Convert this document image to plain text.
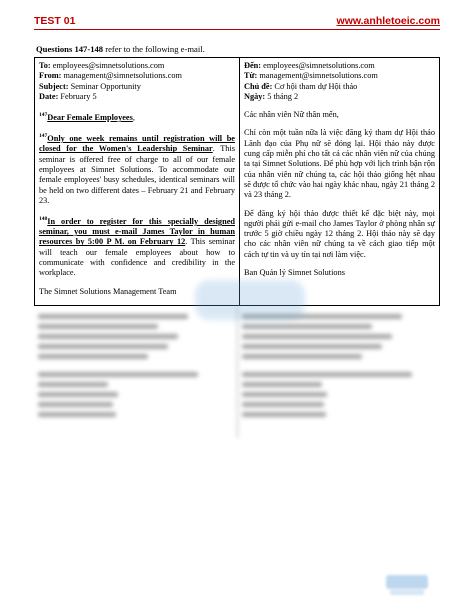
TEST 01	www.anhletoeic.com
Questions 147-148 refer to the following e-mail.

To: employees@simnetsolutions.com

From: management@simnetsolutions.com

Subject: Seminar Opportunity

Date: February 5

$^{147}$Dear Female Employees,

$^{147}$Only one week remains until registration will be closed for the Women's Leadership Seminar. This seminar is offered free of charge to all of our female employees at Simnet Solutions. To accommodate our female employees' busy schedules, identical seminars will be held on two different dates – February 21 and February 23.

$^{148}$In order to register for this specially designed seminar, you must e-mail James Taylor in human resources by 5:00 P M. on February 12. This seminar will teach our female employees about how to communicate with confidence and credibility in the workplace.

The Simnet Solutions Management Team

Đến: employees@simnetsolutions.com

Từ: management@simnetsolutions.com

Chủ đề: Cơ hội tham dự Hội thảo

Ngày: 5 tháng 2

Các nhân viên Nữ thân mến,

Chỉ còn một tuần nữa là việc đăng ký tham dự Hội thảo Lãnh đạo của Phụ nữ sẽ đóng lại. Hội thảo này được cung cấp miễn phí cho tất cả các nhân viên nữ của chúng ta tại Simnet Solutions. Để phù hợp với lịch trình bận rộn của nhân viên nữ chúng ta, các hội thảo giống hệt nhau sẽ được tổ chức vào hai ngày khác nhau, ngày 21 tháng 2 và 23 tháng 2.

Để đăng ký hội thảo được thiết kế đặc biệt này, mọi người phải gửi e-mail cho James Taylor ở phòng nhân sự trước 5 giờ chiều ngày 12 tháng 2. Hội thảo này sẽ dạy cho các nhân viên nữ chúng ta về cách giao tiếp một cách tự tin và uy tín tại nơi làm việc.

Ban Quản lý Simnet Solutions
